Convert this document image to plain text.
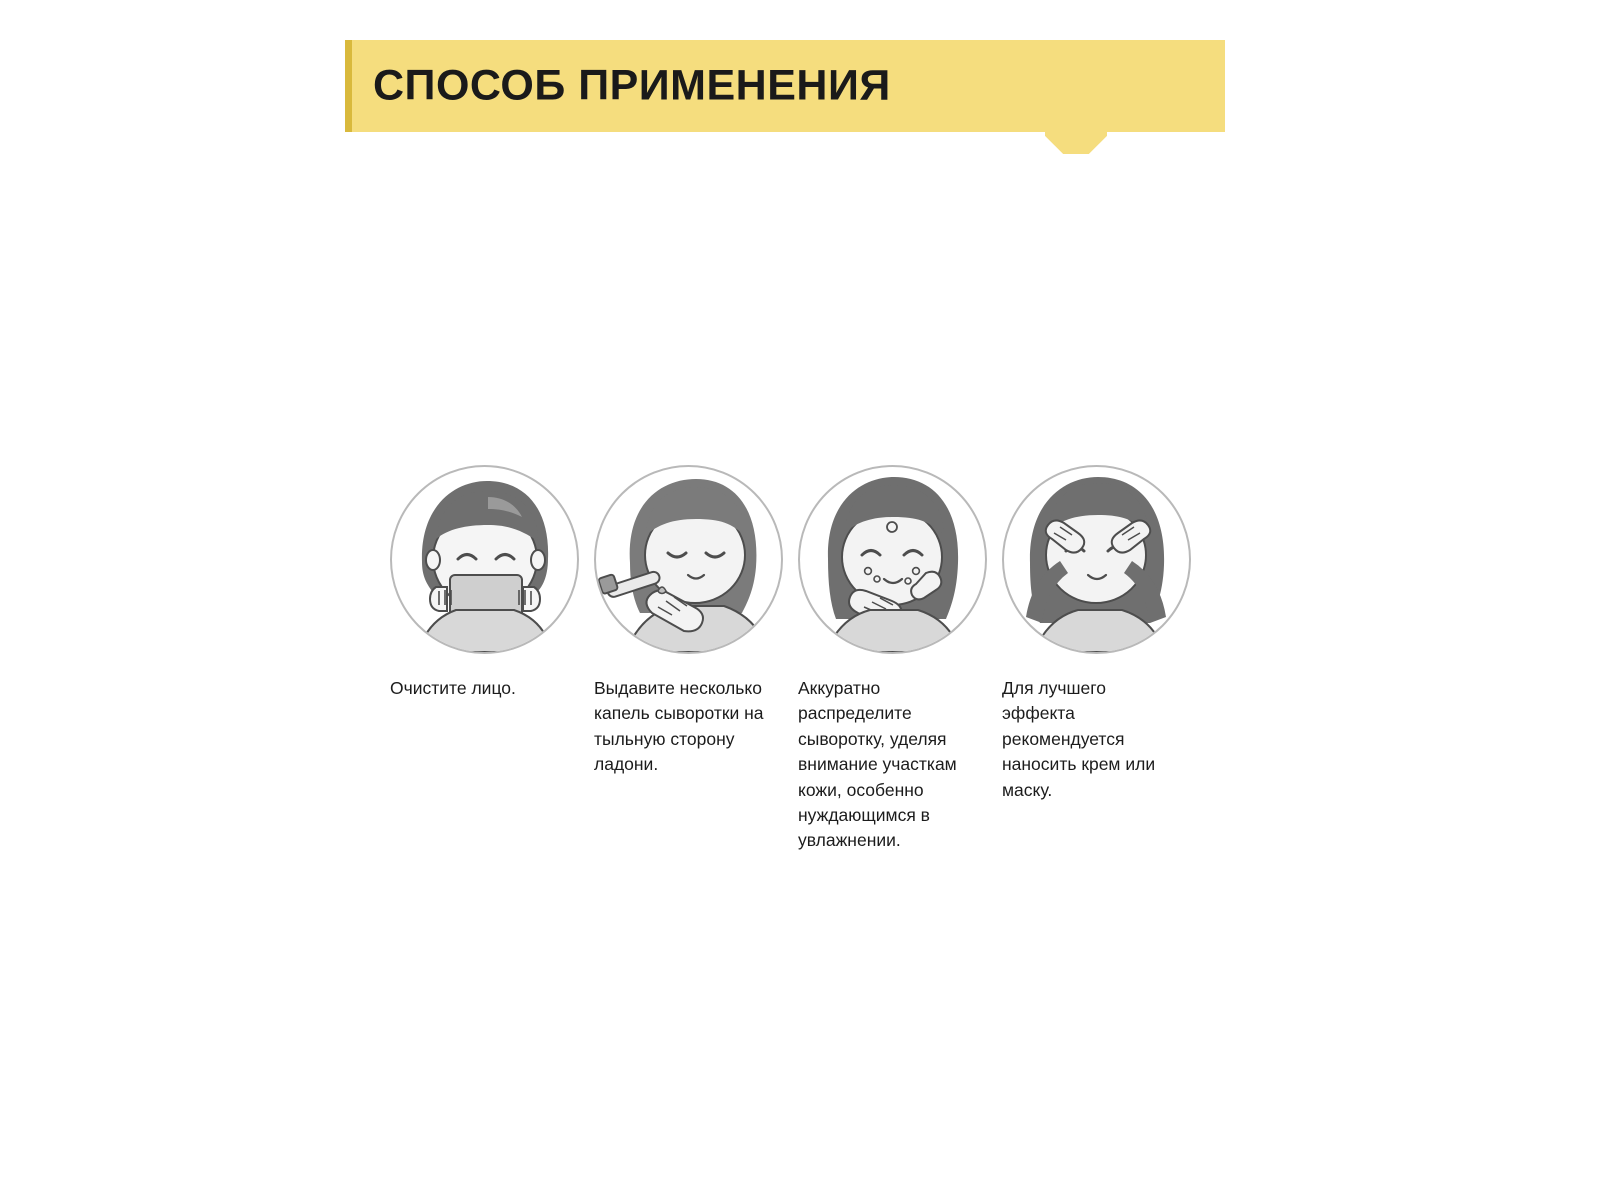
СПОСОБ ПРИМЕНЕНИЯ
Очистите лицо.	Выдавите несколько капель сыворотки на тыльную сторону ладони.
Аккуратно распределите сыворотку, уделяя внимание участкам кожи, особенно нуждающимся в увлажнении.
Для лучшего эффекта рекомендуется наносить крем или маску.
